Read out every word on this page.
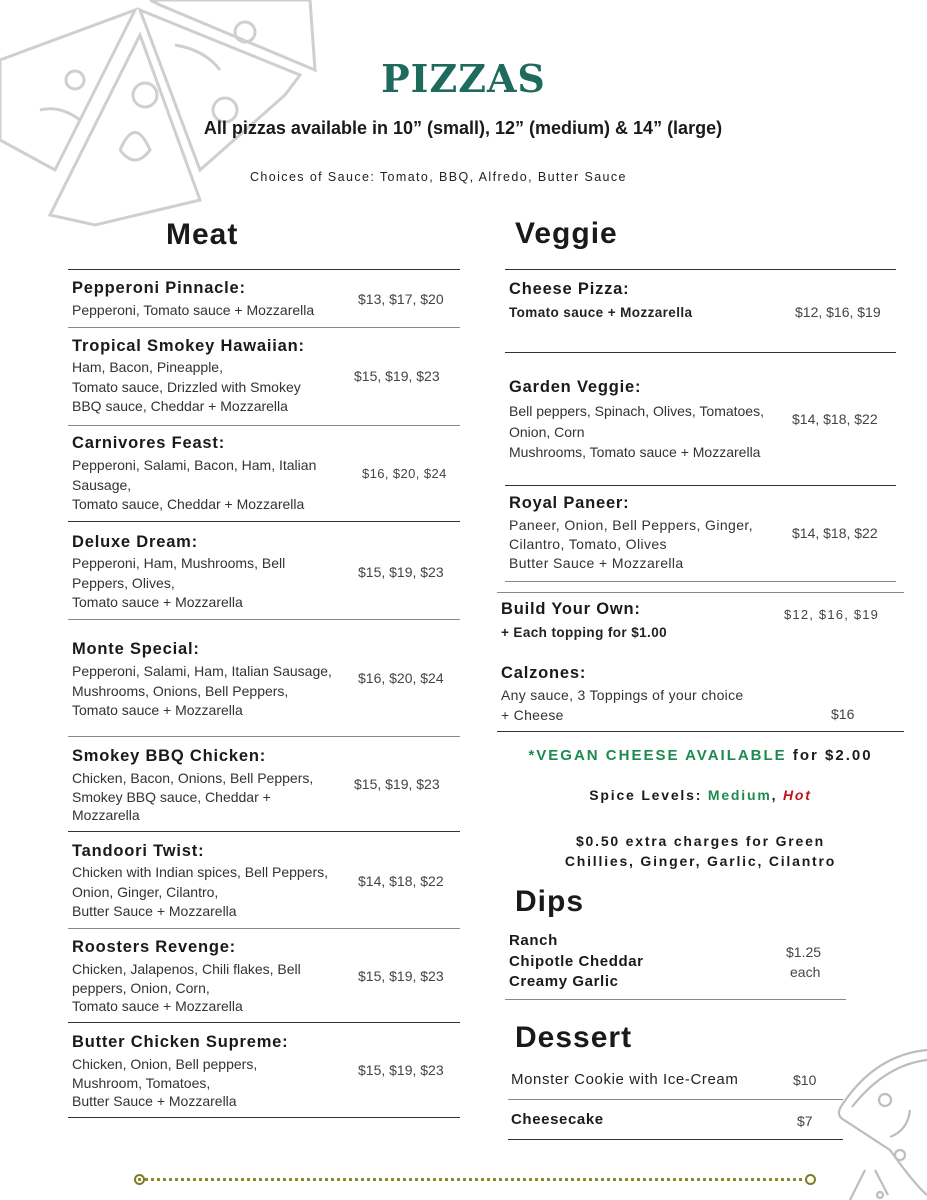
PIZZAS
All pizzas available in 10” (small), 12” (medium) & 14” (large)
Choices of Sauce: Tomato, BBQ, Alfredo, Butter Sauce
Meat	Veggie
Pepperoni Pinnacle:
Pepperoni, Tomato sauce + Mozzarella
$13, $17, $20
Tropical Smokey Hawaiian:
Ham, Bacon, Pineapple,
Tomato sauce, Drizzled with Smokey
BBQ sauce, Cheddar + Mozzarella
$15, $19, $23
Carnivores Feast:
Pepperoni, Salami, Bacon, Ham, Italian
Sausage,
Tomato sauce, Cheddar + Mozzarella
$16, $20, $24
Deluxe Dream:
Pepperoni, Ham, Mushrooms, Bell
Peppers, Olives,
Tomato sauce + Mozzarella
$15, $19, $23
Monte Special:
Pepperoni, Salami, Ham, Italian Sausage,
Mushrooms, Onions, Bell Peppers,
Tomato sauce + Mozzarella
$16, $20, $24
Smokey BBQ Chicken:
Chicken, Bacon, Onions, Bell Peppers,
Smokey BBQ sauce, Cheddar +
Mozzarella
$15, $19, $23
Tandoori Twist:
Chicken with Indian spices, Bell Peppers,
Onion, Ginger, Cilantro,
Butter Sauce + Mozzarella
$14, $18, $22
Roosters Revenge:
Chicken, Jalapenos, Chili flakes, Bell
peppers, Onion, Corn,
Tomato sauce + Mozzarella
$15, $19, $23
Butter Chicken Supreme:
Chicken, Onion, Bell peppers,
Mushroom, Tomatoes,
Butter Sauce + Mozzarella
$15, $19, $23
Cheese Pizza:
Tomato sauce + Mozzarella	$12, $16, $19
Garden Veggie:
Bell peppers, Spinach, Olives, Tomatoes,
Onion, Corn
Mushrooms, Tomato sauce + Mozzarella
$14, $18, $22
Royal Paneer:
Paneer, Onion, Bell Peppers, Ginger,
Cilantro, Tomato, Olives
Butter Sauce + Mozzarella
$14, $18, $22
Build Your Own:
+ Each topping for $1.00
$12, $16, $19
Calzones:
Any sauce, 3 Toppings of your choice
+ Cheese	$16
*VEGAN CHEESE AVAILABLE for $2.00
Spice Levels: Medium, Hot
$0.50 extra charges for Green
Chillies, Ginger, Garlic, Cilantro
Dips
Ranch
Chipotle Cheddar
Creamy Garlic
$1.25
each
Dessert
Monster Cookie with Ice-Cream	$10
Cheesecake	$7
